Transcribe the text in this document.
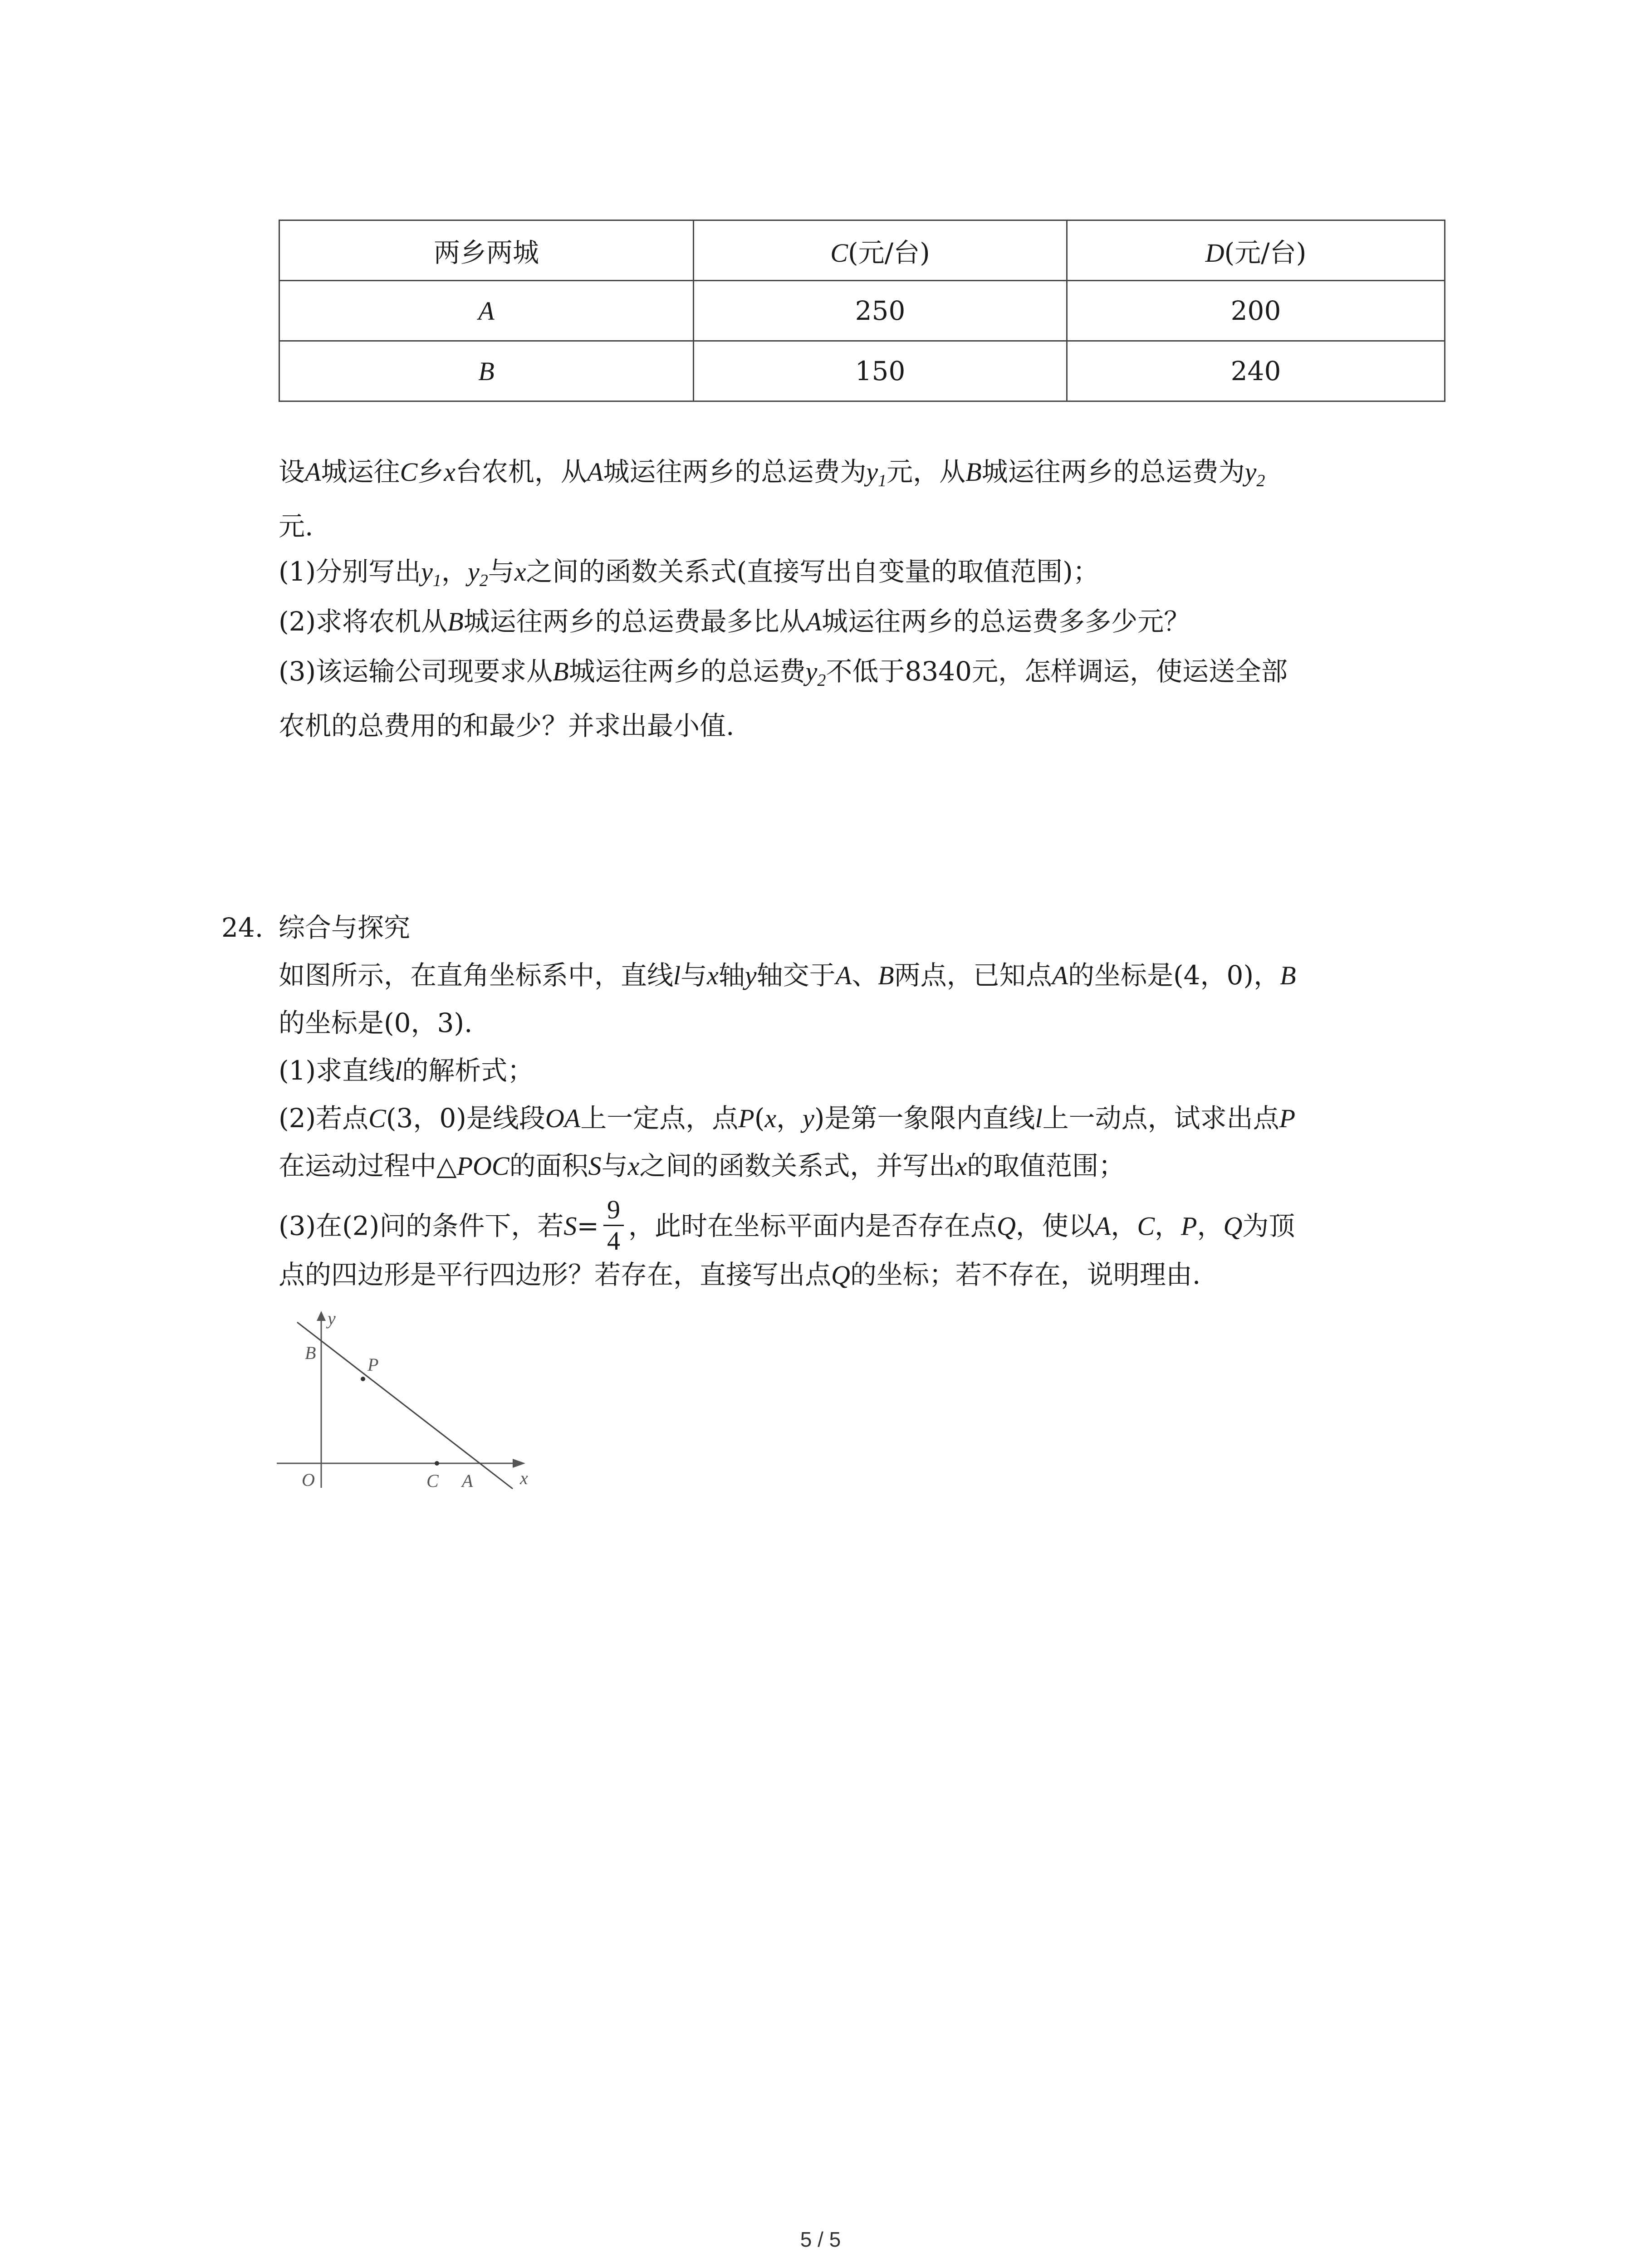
两乡两城	C(元/台)	D(元/台)
A	250	200
B	150	240
设A城运往C乡x台农机，从A城运往两乡的总运费为$y_1$元，从B城运往两乡的总运费为$y_2$
元.
(1)分别写出$y_1$，$y_2$与x之间的函数关系式(直接写出自变量的取值范围)；
(2)求将农机从B城运往两乡的总运费最多比从A城运往两乡的总运费多多少元？
(3)该运输公司现要求从B城运往两乡的总运费$y_2$不低于8340元，怎样调运，使运送全部
农机的总费用的和最少？并求出最小值.
24. 综合与探究
如图所示，在直角坐标系中，直线l与x轴y轴交于A、B两点，已知点A的坐标是(4，0)，B
的坐标是(0，3).
(1)求直线l的解析式；
(2)若点C(3，0)是线段OA上一定点，点P(x，y)是第一象限内直线l上一动点，试求出点P
在运动过程中△POC的面积S与x之间的函数关系式，并写出x的取值范围；
(3)在(2)问的条件下，若$S= \frac{9}{4}$ ，此时在坐标平面内是否存在点Q，使以A，C，P，Q为顶
点的四边形是平行四边形？若存在，直接写出点Q的坐标；若不存在，说明理由.
y
x
B
P
O	C A
5 / 5
